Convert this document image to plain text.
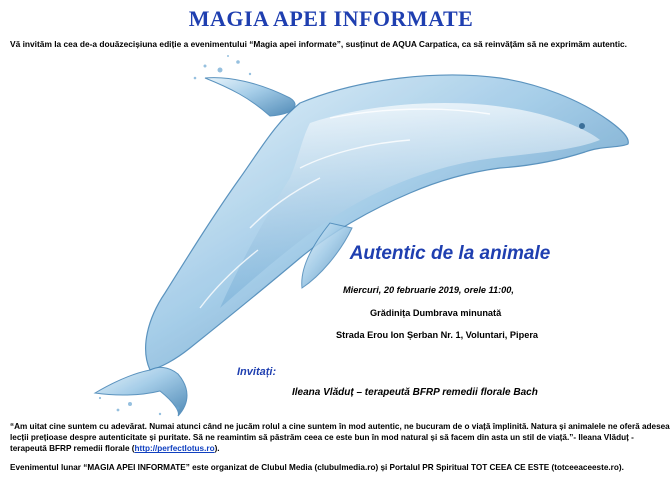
MAGIA APEI INFORMATE
Vă invităm la cea de-a douăzecișiuna ediție a evenimentului “Magia apei informate”, susținut de AQUA Carpatica, ca să reinvățăm să ne exprimăm autentic.
Autentic de la animale
Miercuri, 20 februarie 2019, orele 11:00,
Grădinița Dumbrava minunată
Strada Erou Ion Șerban Nr. 1, Voluntari, Pipera
Invitați:
Ileana Vlăduț – terapeută BFRP remedii florale Bach
“Am uitat cine suntem cu adevărat. Numai atunci când ne jucăm rolul a cine suntem în mod autentic, ne bucuram de o viață împlinită. Natura și animalele ne oferă adesea lecții prețioase despre autenticitate și puritate. Să ne reamintim să păstrăm ceea ce este bun în mod natural și să facem din asta un stil de viață.”- Ileana Vlăduț - terapeută BFRP remedii florale (http://perfectlotus.ro).
Evenimentul lunar “MAGIA APEI INFORMATE” este organizat de Clubul Media (clubulmedia.ro) și Portalul PR Spiritual TOT CEEA CE ESTE (totceeaceeste.ro).
